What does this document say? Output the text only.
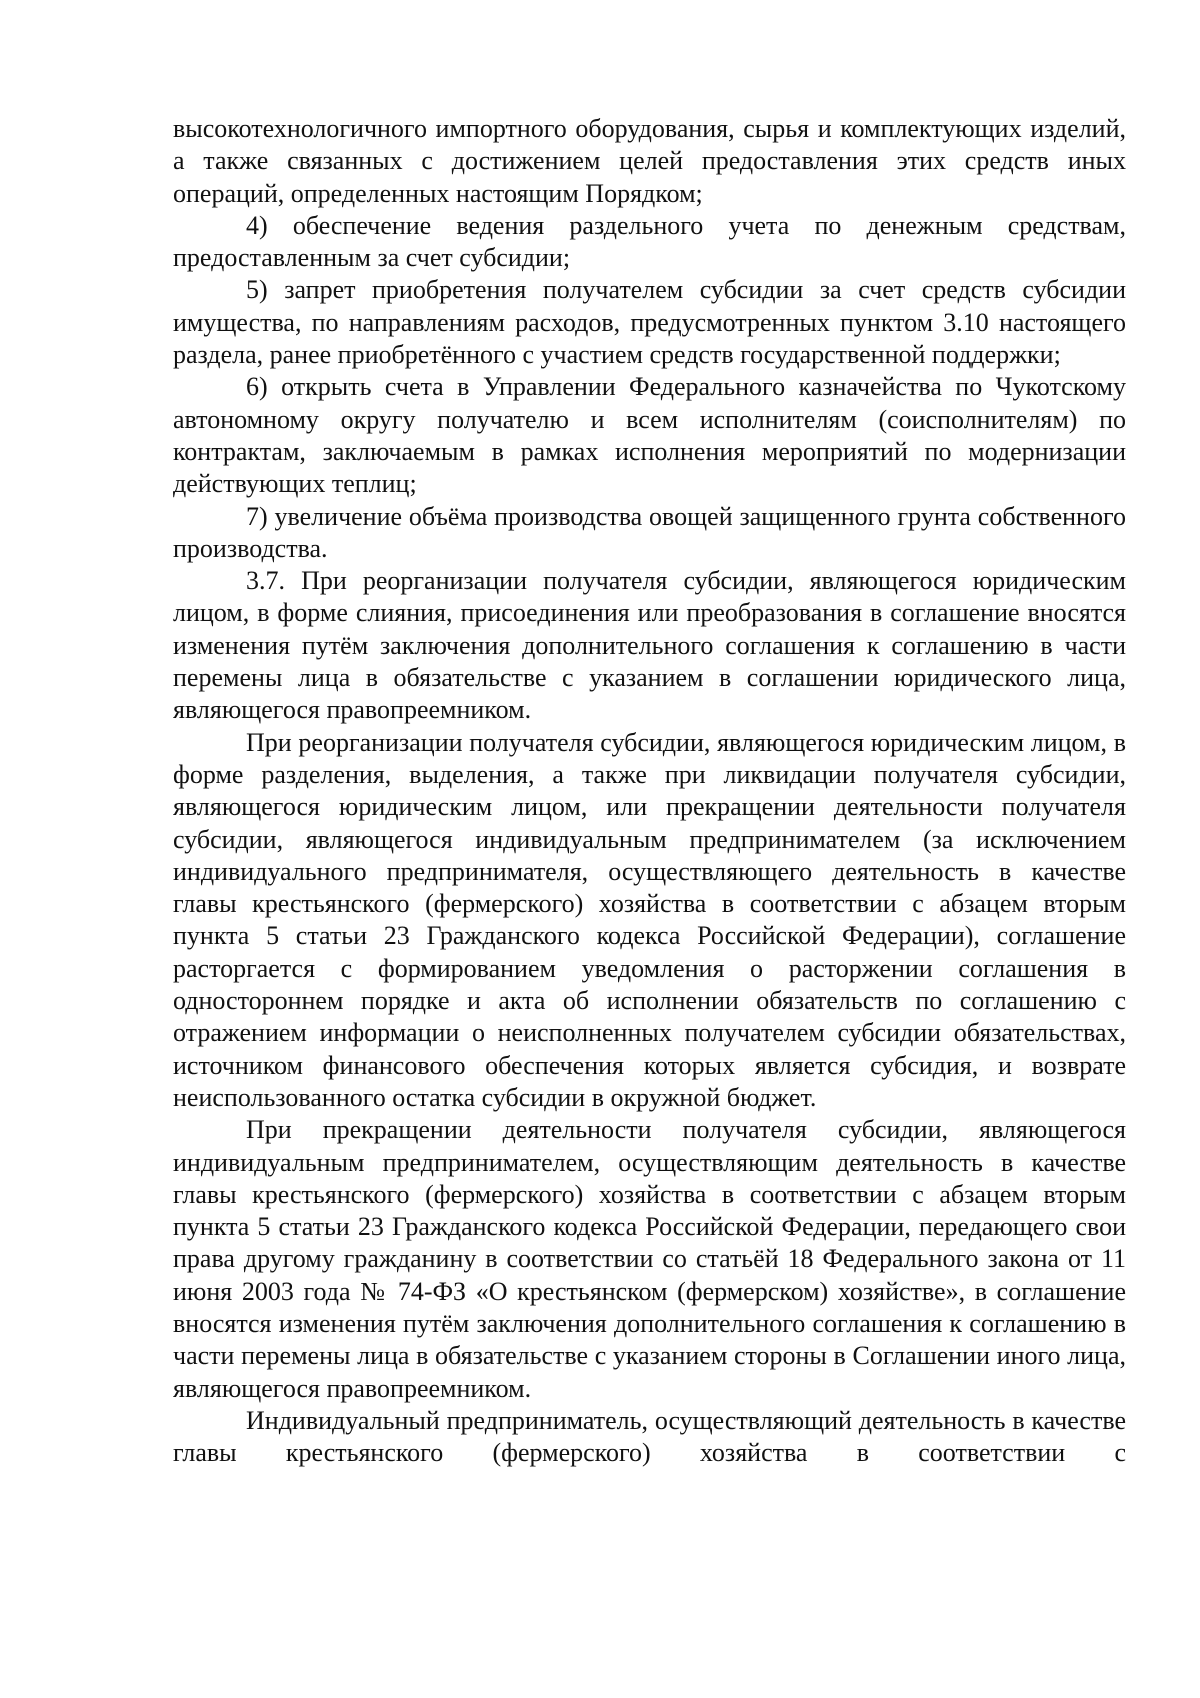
высокотехнологичного импортного оборудования, сырья и комплектующих изделий, а также связанных с достижением целей предоставления этих средств иных операций, определенных настоящим Порядком;

4) обеспечение ведения раздельного учета по денежным средствам, предоставленным за счет субсидии;

5) запрет приобретения получателем субсидии за счет средств субсидии имущества, по направлениям расходов, предусмотренных пунктом 3.10 настоящего раздела, ранее приобретённого с участием средств государственной поддержки;

6) открыть счета в Управлении Федерального казначейства по Чукотскому автономному округу получателю и всем исполнителям (соисполнителям) по контрактам, заключаемым в рамках исполнения мероприятий по модернизации действующих теплиц;

7) увеличение объёма производства овощей защищенного грунта собственного производства.

3.7. При реорганизации получателя субсидии, являющегося юридическим лицом, в форме слияния, присоединения или преобразования в соглашение вносятся изменения путём заключения дополнительного соглашения к соглашению в части перемены лица в обязательстве с указанием в соглашении юридического лица, являющегося правопреемником.

При реорганизации получателя субсидии, являющегося юридическим лицом, в форме разделения, выделения, а также при ликвидации получателя субсидии, являющегося юридическим лицом, или прекращении деятельности получателя субсидии, являющегося индивидуальным предпринимателем (за исключением индивидуального предпринимателя, осуществляющего деятельность в качестве главы крестьянского (фермерского) хозяйства в соответствии с абзацем вторым пункта 5 статьи 23 Гражданского кодекса Российской Федерации), соглашение расторгается с формированием уведомления о расторжении соглашения в одностороннем порядке и акта об исполнении обязательств по соглашению с отражением информации о неисполненных получателем субсидии обязательствах, источником финансового обеспечения которых является субсидия, и возврате неиспользованного остатка субсидии в окружной бюджет.

При прекращении деятельности получателя субсидии, являющегося индивидуальным предпринимателем, осуществляющим деятельность в качестве главы крестьянского (фермерского) хозяйства в соответствии с абзацем вторым пункта 5 статьи 23 Гражданского кодекса Российской Федерации, передающего свои права другому гражданину в соответствии со статьёй 18 Федерального закона от 11 июня 2003 года № 74-ФЗ «О крестьянском (фермерском) хозяйстве», в соглашение вносятся изменения путём заключения дополнительного соглашения к соглашению в части перемены лица в обязательстве с указанием стороны в Соглашении иного лица, являющегося правопреемником.

Индивидуальный предприниматель, осуществляющий деятельность в качестве главы крестьянского (фермерского) хозяйства в соответствии с
